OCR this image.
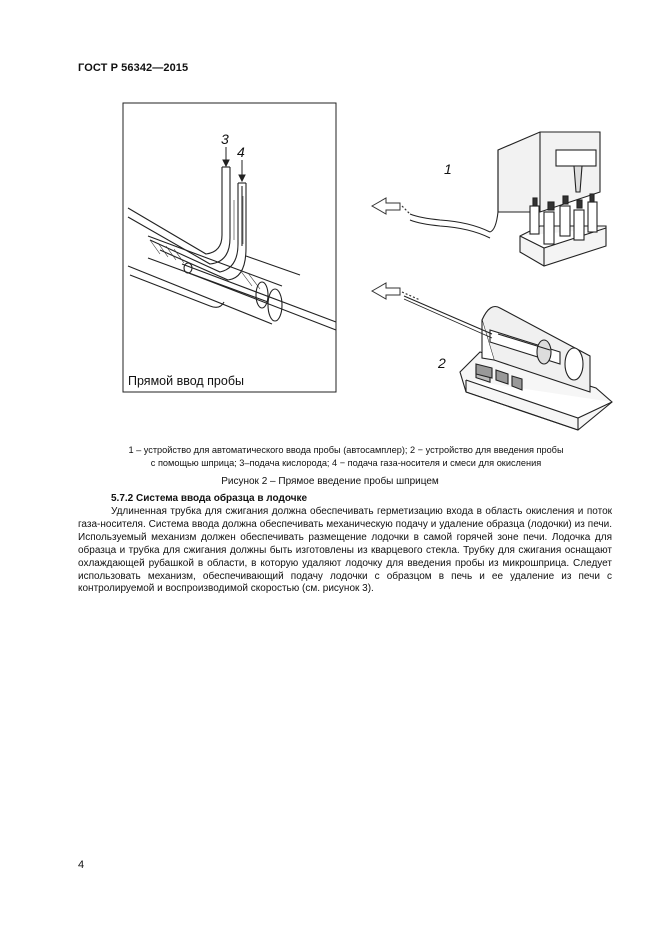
ГОСТ Р 56342—2015
3
4
Прямой ввод пробы
1
2
1 – устройство для автоматического ввода пробы (автосамплер); 2 − устройство для введения пробы
с помощью шприца; 3–подача кислорода; 4 − подача газа-носителя и смеси для окисления
Рисунок 2 – Прямое введение пробы шприцем
5.7.2 Система ввода образца в лодочке

Удлиненная трубка для сжигания должна обеспечивать герметизацию входа в область окисления и поток газа-носителя. Система ввода должна обеспечивать механическую подачу и удаление образца (лодочки) из печи. Используемый механизм должен обеспечивать размещение лодочки в самой горячей зоне печи. Лодочка для образца и трубка для сжигания должны быть изготовлены из кварцевого стекла. Трубку для сжигания оснащают охлаждающей рубашкой в области, в которую удаляют лодочку для введения пробы из микрошприца. Следует использовать механизм, обеспечивающий подачу лодочки с образцом в печь и ее удаление из печи с контролируемой и воспроизводимой скоростью (см. рисунок 3).

4
